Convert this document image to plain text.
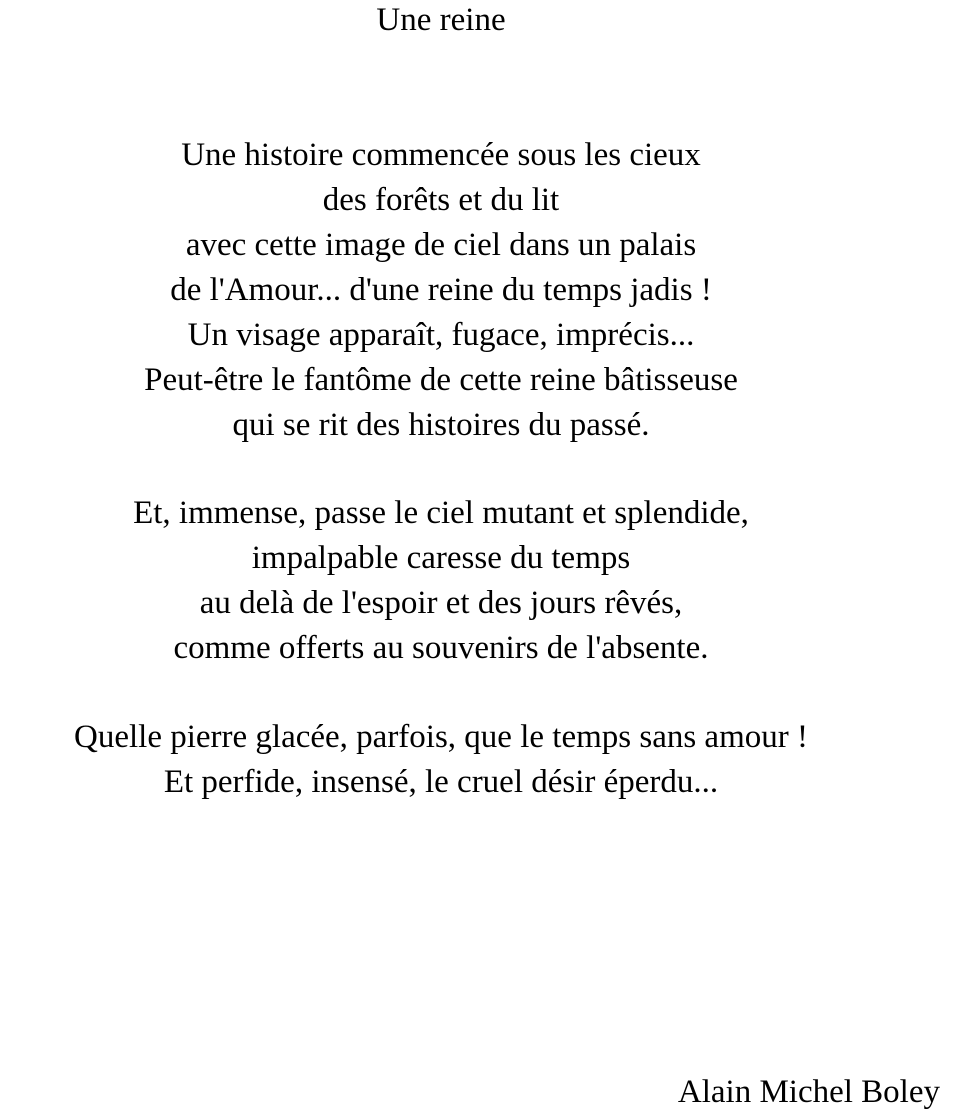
Une reine
Une histoire commencée sous les cieux
des forêts et du lit
avec cette image de ciel dans un palais
de l'Amour... d'une reine du temps jadis !
Un visage apparaît, fugace, imprécis...
Peut-être le fantôme de cette reine bâtisseuse
qui se rit des histoires du passé.
Et, immense, passe le ciel mutant et splendide,
impalpable caresse du temps
au delà de l'espoir et des jours rêvés,
comme offerts au souvenirs de l'absente.
Quelle pierre glacée, parfois, que le temps sans amour !
Et perfide, insensé, le cruel désir éperdu...
Alain Michel Boley
